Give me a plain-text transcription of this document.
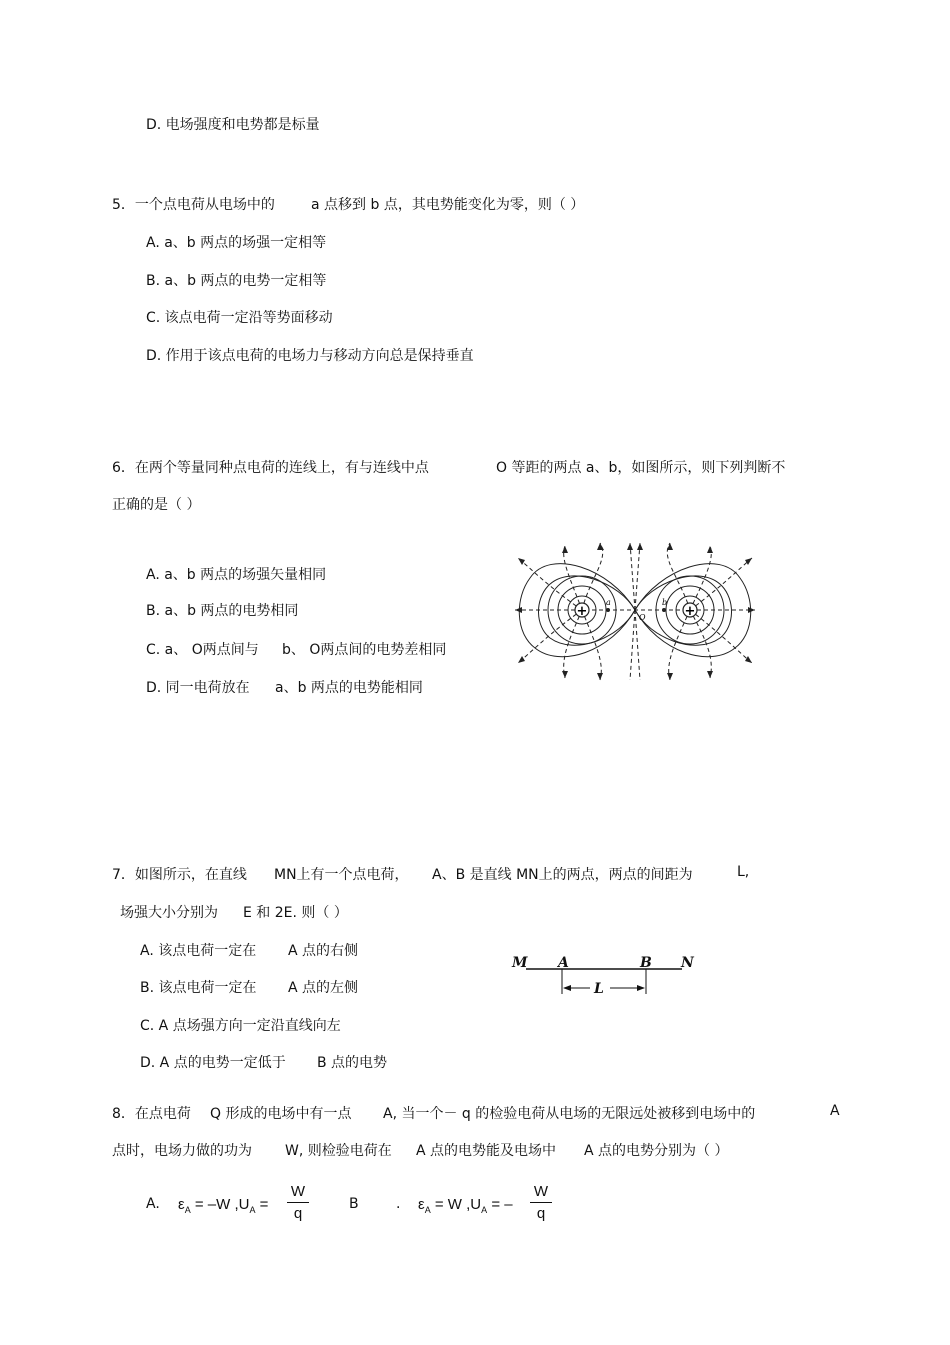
D. 电场强度和电势都是标量
5．一个点电荷从电场中的	a 点移到 b 点，其电势能变化为零，则（ ）
A. a、b 两点的场强一定相等
B. a、b 两点的电势一定相等
C. 该点电荷一定沿等势面移动
D. 作用于该点电荷的电场力与移动方向总是保持垂直
6．在两个等量同种点电荷的连线上，有与连线中点	O 等距的两点 a、b，如图所示，则下列判断不
正确的是（ ）
A. a、b 两点的场强矢量相同
B. a、b 两点的电势相同
C. a、 O两点间与 b、 O两点间的电势差相同
D. 同一电荷放在 a、b 两点的电势能相同
+	+
a	b
O
7．如图所示，在直线 MN上有一个点电荷， A、B 是直线 MN上的两点，两点的间距为	L,
场强大小分别为 E 和 2E. 则（ ）
A. 该点电荷一定在 A 点的右侧
B. 该点电荷一定在 A 点的左侧
C. A 点场强方向一定沿直线向左
D. A 点的电势一定低于 B 点的电势
M A	B N
L
8．在点电荷 Q 形成的电场中有一点 A, 当一个－ q 的检验电荷从电场的无限远处被移到电场中的	A
点时，电场力做的功为 W, 则检验电荷在 A 点的电势能及电场中 A 点的电势分别为（ ）
A. $\varepsilon_A = -W$ $,U_A$ =
W
q
B	. $\varepsilon_A = W$ $,U_A$ = –
W
q
